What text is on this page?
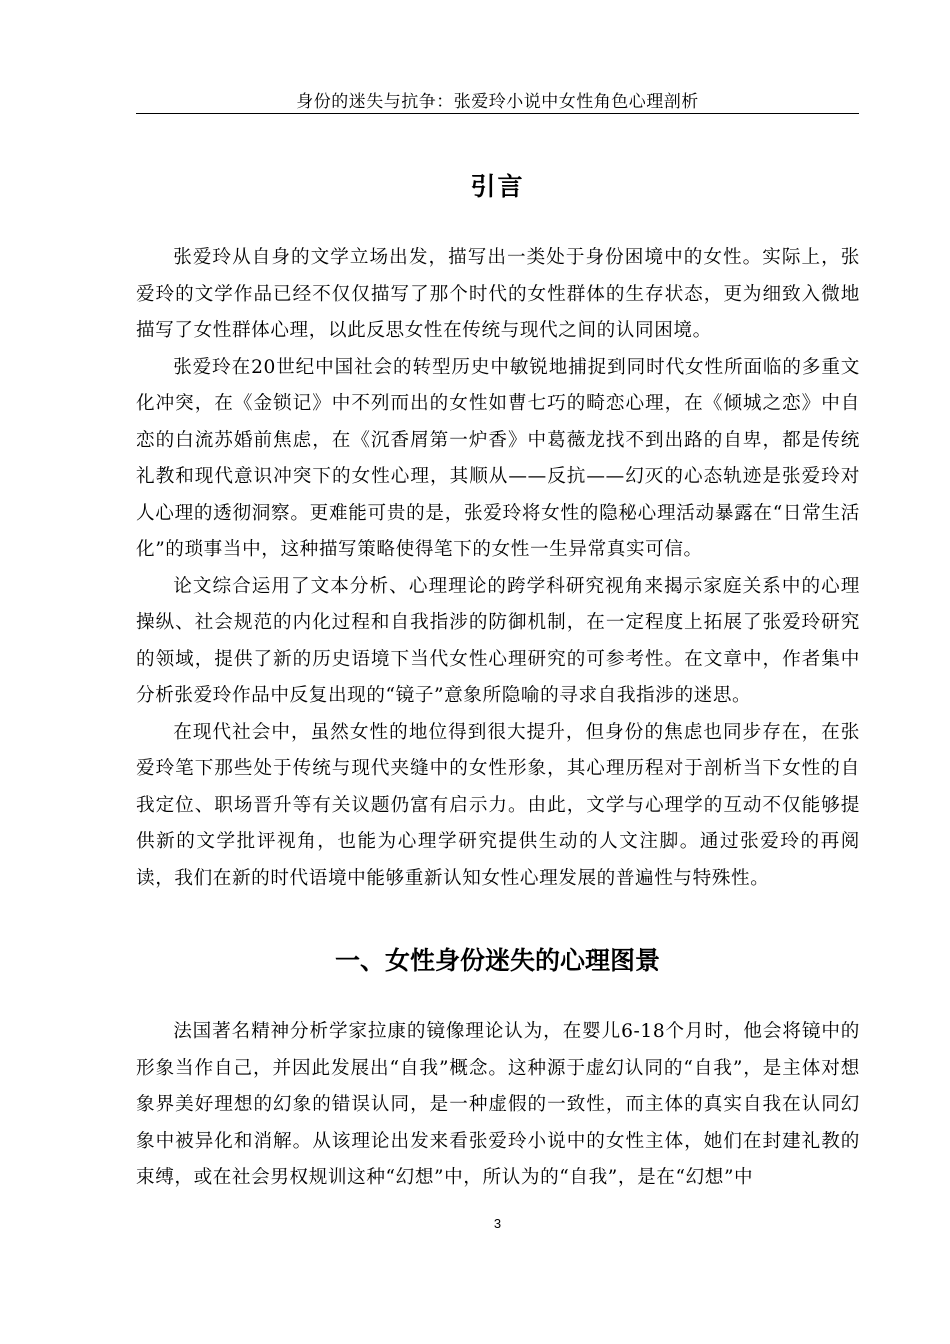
身份的迷失与抗争：张爱玲小说中女性角色心理剖析
引言

张爱玲从自身的文学立场出发，描写出一类处于身份困境中的女性。实际上，张爱玲的文学作品已经不仅仅描写了那个时代的女性群体的生存状态，更为细致入微地描写了女性群体心理，以此反思女性在传统与现代之间的认同困境。

张爱玲在20世纪中国社会的转型历史中敏锐地捕捉到同时代女性所面临的多重文化冲突，在《金锁记》中不列而出的女性如曹七巧的畸恋心理，在《倾城之恋》中自恋的白流苏婚前焦虑，在《沉香屑第一炉香》中葛薇龙找不到出路的自卑，都是传统礼教和现代意识冲突下的女性心理，其顺从——反抗——幻灭的心态轨迹是张爱玲对人心理的透彻洞察。更难能可贵的是，张爱玲将女性的隐秘心理活动暴露在“日常生活化”的琐事当中，这种描写策略使得笔下的女性一生异常真实可信。

论文综合运用了文本分析、心理理论的跨学科研究视角来揭示家庭关系中的心理操纵、社会规范的内化过程和自我指涉的防御机制，在一定程度上拓展了张爱玲研究的领域，提供了新的历史语境下当代女性心理研究的可参考性。在文章中，作者集中分析张爱玲作品中反复出现的“镜子”意象所隐喻的寻求自我指涉的迷思。

在现代社会中，虽然女性的地位得到很大提升，但身份的焦虑也同步存在，在张爱玲笔下那些处于传统与现代夹缝中的女性形象，其心理历程对于剖析当下女性的自我定位、职场晋升等有关议题仍富有启示力。由此，文学与心理学的互动不仅能够提供新的文学批评视角，也能为心理学研究提供生动的人文注脚。通过张爱玲的再阅读，我们在新的时代语境中能够重新认知女性心理发展的普遍性与特殊性。

一、女性身份迷失的心理图景

法国著名精神分析学家拉康的镜像理论认为，在婴儿6-18个月时，他会将镜中的形象当作自己，并因此发展出“自我”概念。这种源于虚幻认同的“自我”，是主体对想象界美好理想的幻象的错误认同，是一种虚假的一致性，而主体的真实自我在认同幻象中被异化和消解。从该理论出发来看张爱玲小说中的女性主体，她们在封建礼教的束缚，或在社会男权规训这种“幻想”中，所认为的“自我”，是在“幻想”中

3
